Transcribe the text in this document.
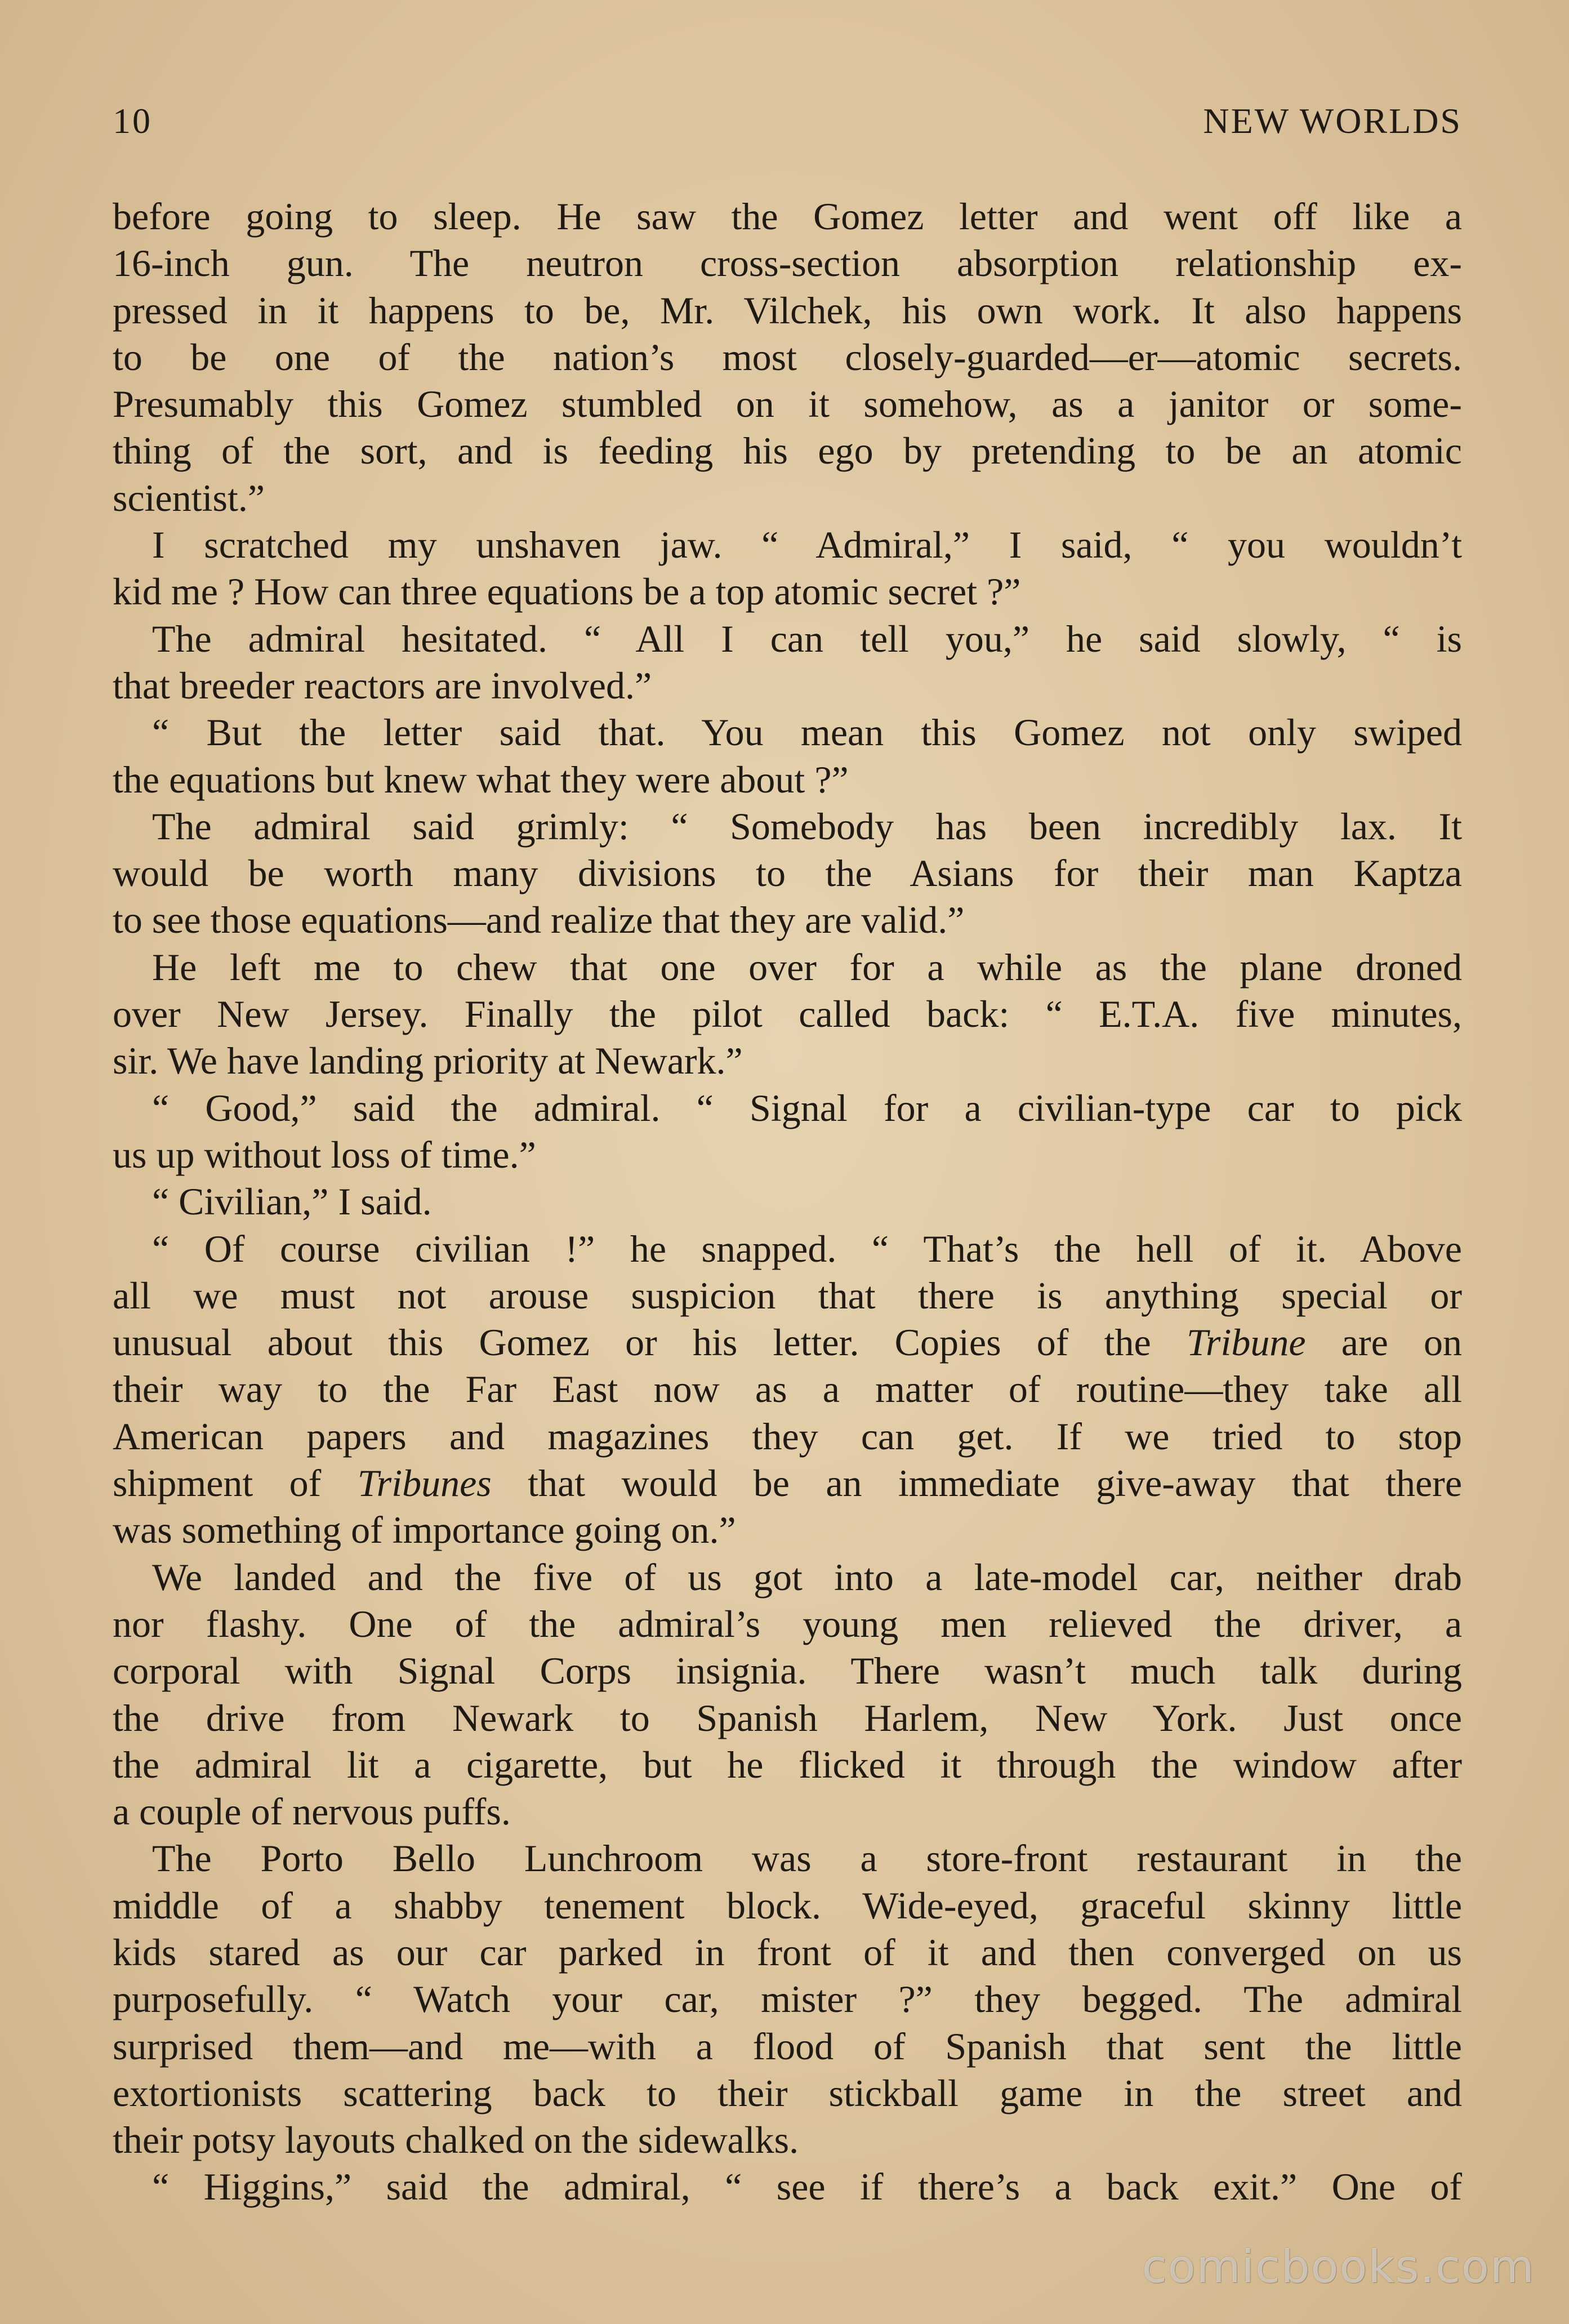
10	NEW WORLDS
before going to sleep. He saw the Gomez letter and went off like a
16-inch gun. The neutron cross-section absorption relationship ex-
pressed in it happens to be, Mr. Vilchek, his own work. It also happens
to be one of the nation’s most closely-guarded—er—atomic secrets.
Presumably this Gomez stumbled on it somehow, as a janitor or some-
thing of the sort, and is feeding his ego by pretending to be an atomic
scientist.”
I scratched my unshaven jaw. “ Admiral,” I said, “ you wouldn’t
kid me ? How can three equations be a top atomic secret ?”
The admiral hesitated. “ All I can tell you,” he said slowly, “ is
that breeder reactors are involved.”
“ But the letter said that. You mean this Gomez not only swiped
the equations but knew what they were about ?”
The admiral said grimly: “ Somebody has been incredibly lax. It
would be worth many divisions to the Asians for their man Kaptza
to see those equations—and realize that they are valid.”
He left me to chew that one over for a while as the plane droned
over New Jersey. Finally the pilot called back: “ E.T.A. five minutes,
sir. We have landing priority at Newark.”
“ Good,” said the admiral. “ Signal for a civilian-type car to pick
us up without loss of time.”
“ Civilian,” I said.
“ Of course civilian !” he snapped. “ That’s the hell of it. Above
all we must not arouse suspicion that there is anything special or
unusual about this Gomez or his letter. Copies of the Tribune are on
their way to the Far East now as a matter of routine—they take all
American papers and magazines they can get. If we tried to stop
shipment of Tribunes that would be an immediate give-away that there
was something of importance going on.”
We landed and the five of us got into a late-model car, neither drab
nor flashy. One of the admiral’s young men relieved the driver, a
corporal with Signal Corps insignia. There wasn’t much talk during
the drive from Newark to Spanish Harlem, New York. Just once
the admiral lit a cigarette, but he flicked it through the window after
a couple of nervous puffs.
The Porto Bello Lunchroom was a store-front restaurant in the
middle of a shabby tenement block. Wide-eyed, graceful skinny little
kids stared as our car parked in front of it and then converged on us
purposefully. “ Watch your car, mister ?” they begged. The admiral
surprised them—and me—with a flood of Spanish that sent the little
extortionists scattering back to their stickball game in the street and
their potsy layouts chalked on the sidewalks.
“ Higgins,” said the admiral, “ see if there’s a back exit.” One of
comicbooks.com
